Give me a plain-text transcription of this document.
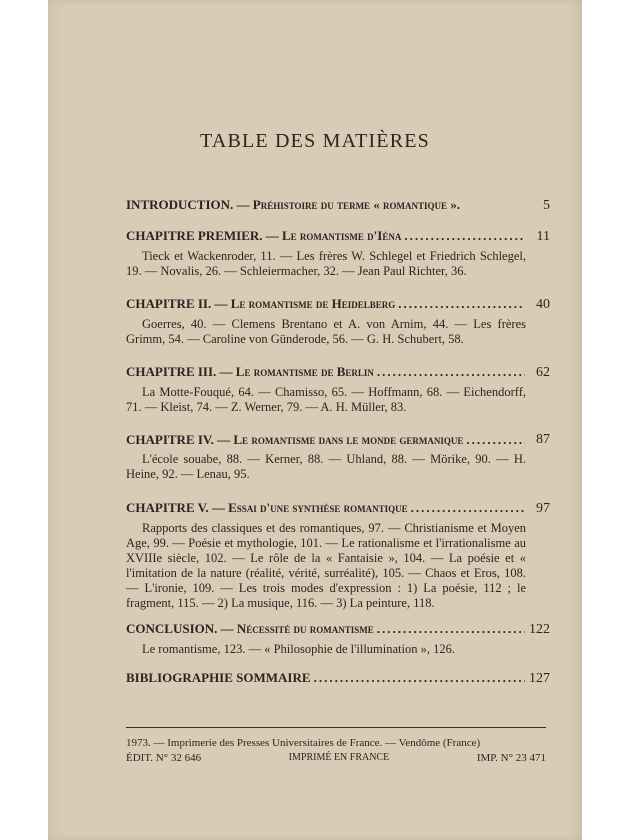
TABLE DES MATIÈRES
INTRODUCTION. — Préhistoire du terme « romantique ».	5
CHAPITRE PREMIER. — Le romantisme d'Iéna .....	11
Tieck et Wackenroder, 11. — Les frères W. Schlegel et Friedrich Schlegel, 19. — Novalis, 26. — Schleiermacher, 32. — Jean Paul Richter, 36.
CHAPITRE II. — Le romantisme de Heidelberg .....	40
Goerres, 40. — Clemens Brentano et A. von Arnim, 44. — Les frères Grimm, 54. — Caroline von Günderode, 56. — G. H. Schubert, 58.
CHAPITRE III. — Le romantisme de Berlin .....	62
La Motte-Fouqué, 64. — Chamisso, 65. — Hoffmann, 68. — Eichendorff, 71. — Kleist, 74. — Z. Werner, 79. — A. H. Müller, 83.
CHAPITRE IV. — Le romantisme dans le monde germanique .....	87
L'école souabe, 88. — Kerner, 88. — Uhland, 88. — Mörike, 90. — H. Heine, 92. — Lenau, 95.
CHAPITRE V. — Essai d'une synthèse romantique .....	97
Rapports des classiques et des romantiques, 97. — Christianisme et Moyen Age, 99. — Poésie et mythologie, 101. — Le rationalisme et l'irrationalisme au XVIIIe siècle, 102. — Le rôle de la « Fantaisie », 104. — La poésie et « l'imitation de la nature (réalité, vérité, surréalité), 105. — Chaos et Eros, 108. — L'ironie, 109. — Les trois modes d'expression : 1) La poésie, 112 ; le fragment, 115. — 2) La musique, 116. — 3) La peinture, 118.
CONCLUSION. — Nécessité du romantisme .....	122
Le romantisme, 123. — « Philosophie de l'illumination », 126.
BIBLIOGRAPHIE SOMMAIRE .....	127
1973. — Imprimerie des Presses Universitaires de France. — Vendôme (France)
ÉDIT. N° 32 646	IMPRIMÉ EN FRANCE	IMP. N° 23 471
